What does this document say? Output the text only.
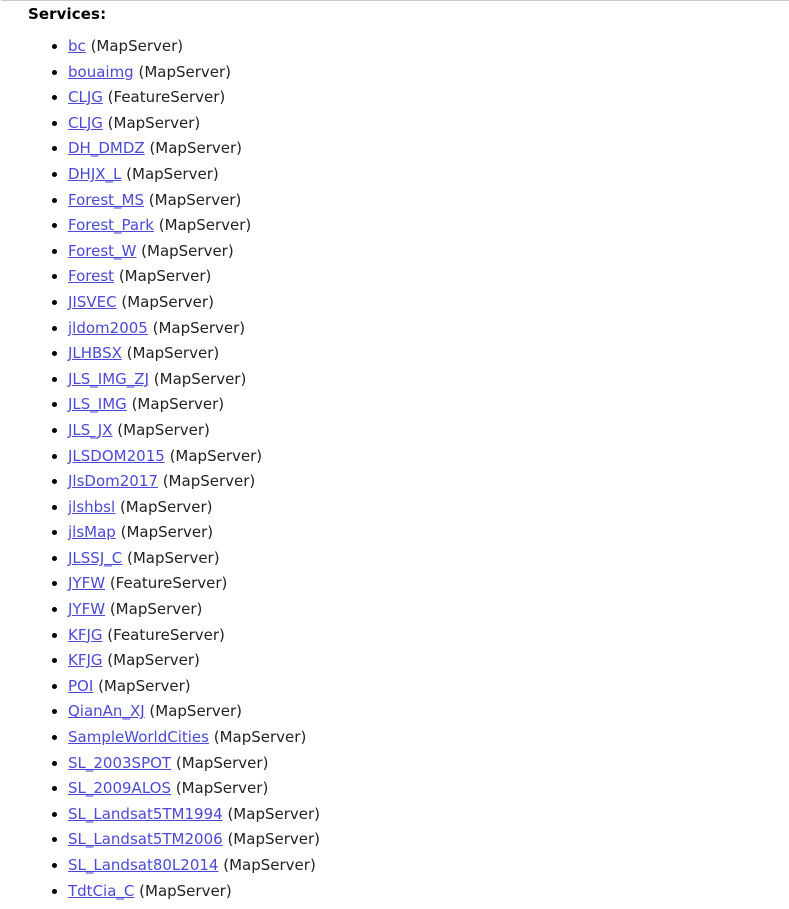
Services:
• bc (MapServer)
• bouaimg (MapServer)
• CLJG (FeatureServer)
• CLJG (MapServer)
• DH_DMDZ (MapServer)
• DHJX_L (MapServer)
• Forest_MS (MapServer)
• Forest_Park (MapServer)
• Forest_W (MapServer)
• Forest (MapServer)
• JISVEC (MapServer)
• jldom2005 (MapServer)
• JLHBSX (MapServer)
• JLS_IMG_ZJ (MapServer)
• JLS_IMG (MapServer)
• JLS_JX (MapServer)
• JLSDOM2015 (MapServer)
• JlsDom2017 (MapServer)
• jlshbsl (MapServer)
• jlsMap (MapServer)
• JLSSJ_C (MapServer)
• JYFW (FeatureServer)
• JYFW (MapServer)
• KFJG (FeatureServer)
• KFJG (MapServer)
• POI (MapServer)
• QianAn_XJ (MapServer)
• SampleWorldCities (MapServer)
• SL_2003SPOT (MapServer)
• SL_2009ALOS (MapServer)
• SL_Landsat5TM1994 (MapServer)
• SL_Landsat5TM2006 (MapServer)
• SL_Landsat80L2014 (MapServer)
• TdtCia_C (MapServer)
